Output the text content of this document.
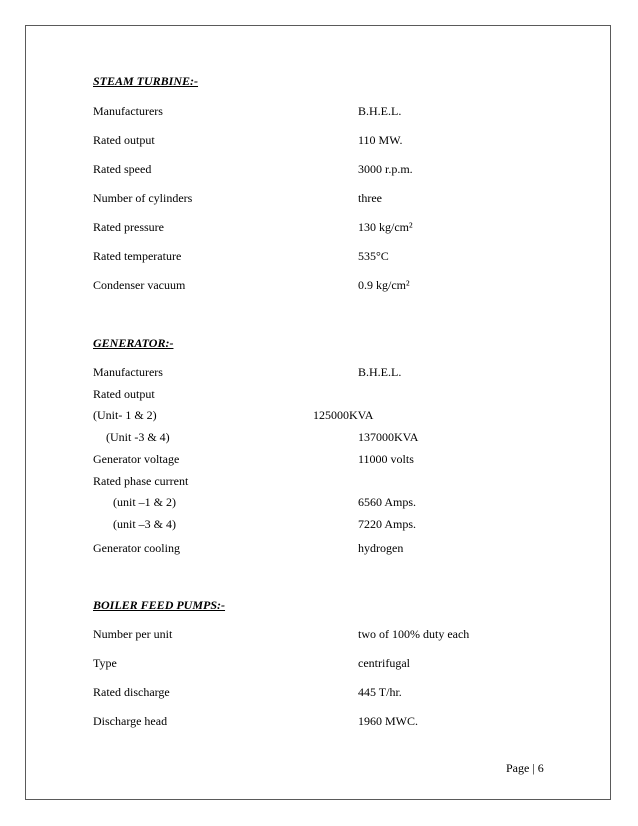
STEAM TURBINE:-
Manufacturers	B.H.E.L.
Rated output	110 MW.
Rated speed	3000 r.p.m.
Number of cylinders	three
Rated pressure	130 kg/cm²
Rated temperature	535°C
Condenser vacuum	0.9 kg/cm²
GENERATOR:-
Manufacturers	B.H.E.L.
Rated output
(Unit- 1 & 2)	125000KVA
(Unit -3 & 4)	137000KVA
Generator voltage	11000 volts
Rated phase current
(unit –1 & 2)	6560 Amps.
(unit –3 & 4)	7220 Amps.
Generator cooling	hydrogen
BOILER FEED PUMPS:-
Number per unit	two of 100% duty each
Type	centrifugal
Rated discharge	445 T/hr.
Discharge head	1960 MWC.
Page | 6
